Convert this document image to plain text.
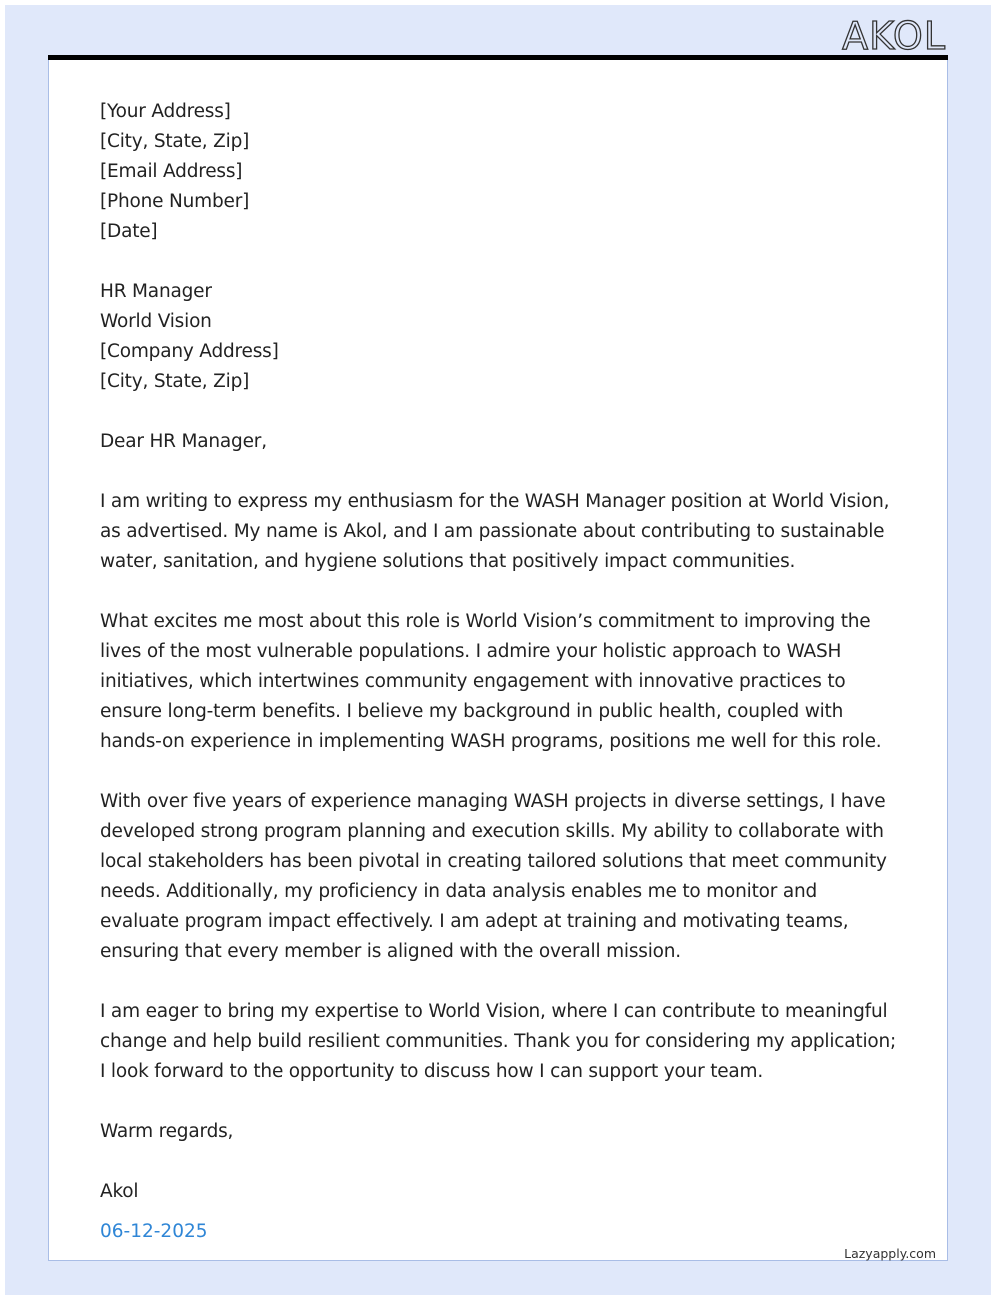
AKOL
[Your Address]
[City, State, Zip]
[Email Address]
[Phone Number]
[Date]
HR Manager
World Vision
[Company Address]
[City, State, Zip]
Dear HR Manager,

I am writing to express my enthusiasm for the WASH Manager position at World Vision, as advertised. My name is Akol, and I am passionate about contributing to sustainable water, sanitation, and hygiene solutions that positively impact communities.

What excites me most about this role is World Vision’s commitment to improving the lives of the most vulnerable populations. I admire your holistic approach to WASH initiatives, which intertwines community engagement with innovative practices to ensure long-term benefits. I believe my background in public health, coupled with hands-on experience in implementing WASH programs, positions me well for this role.

With over five years of experience managing WASH projects in diverse settings, I have developed strong program planning and execution skills. My ability to collaborate with local stakeholders has been pivotal in creating tailored solutions that meet community needs. Additionally, my proficiency in data analysis enables me to monitor and evaluate program impact effectively. I am adept at training and motivating teams, ensuring that every member is aligned with the overall mission.

I am eager to bring my expertise to World Vision, where I can contribute to meaningful change and help build resilient communities. Thank you for considering my application; I look forward to the opportunity to discuss how I can support your team.

Warm regards,
Akol
06-12-2025
Lazyapply.com
